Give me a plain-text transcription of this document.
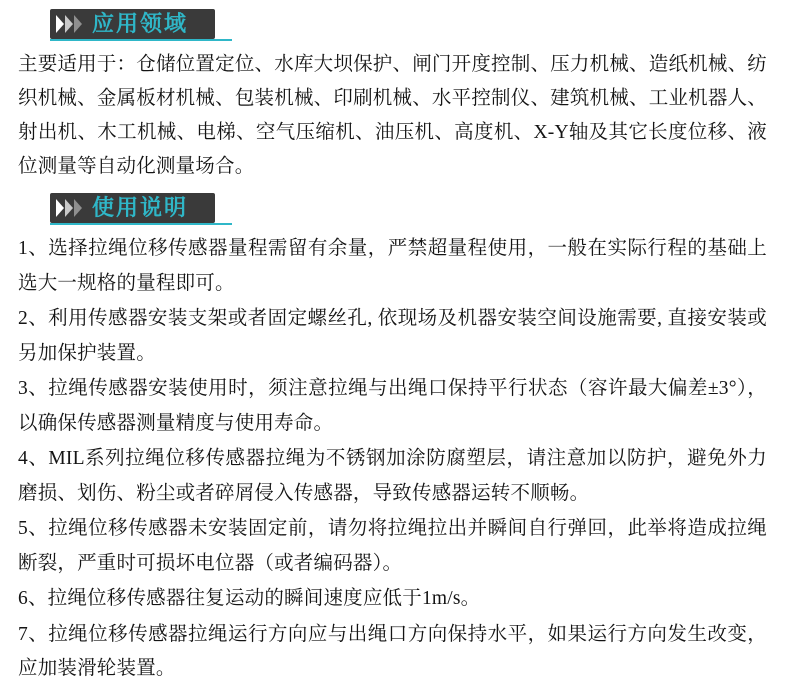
应用领域

主要适用于：仓储位置定位、水库大坝保护、闸门开度控制、压力机械、造纸机械、纺织机械、金属板材机械、包装机械、印刷机械、水平控制仪、建筑机械、工业机器人、射出机、木工机械、电梯、空气压缩机、油压机、高度机、X-Y轴及其它长度位移、液位测量等自动化测量场合。

使用说明
1、选择拉绳位移传感器量程需留有余量，严禁超量程使用，一般在实际行程的基础上选大一规格的量程即可。
2、利用传感器安装支架或者固定螺丝孔, 依现场及机器安装空间设施需要, 直接安装或另加保护装置。
3、拉绳传感器安装使用时，须注意拉绳与出绳口保持平行状态（容许最大偏差±3°），以确保传感器测量精度与使用寿命。
4、MIL系列拉绳位移传感器拉绳为不锈钢加涂防腐塑层，请注意加以防护，避免外力磨损、划伤、粉尘或者碎屑侵入传感器，导致传感器运转不顺畅。
5、拉绳位移传感器未安装固定前，请勿将拉绳拉出并瞬间自行弹回，此举将造成拉绳断裂，严重时可损坏电位器（或者编码器）。
6、拉绳位移传感器往复运动的瞬间速度应低于1m/s。
7、拉绳位移传感器拉绳运行方向应与出绳口方向保持水平，如果运行方向发生改变，应加装滑轮装置。
